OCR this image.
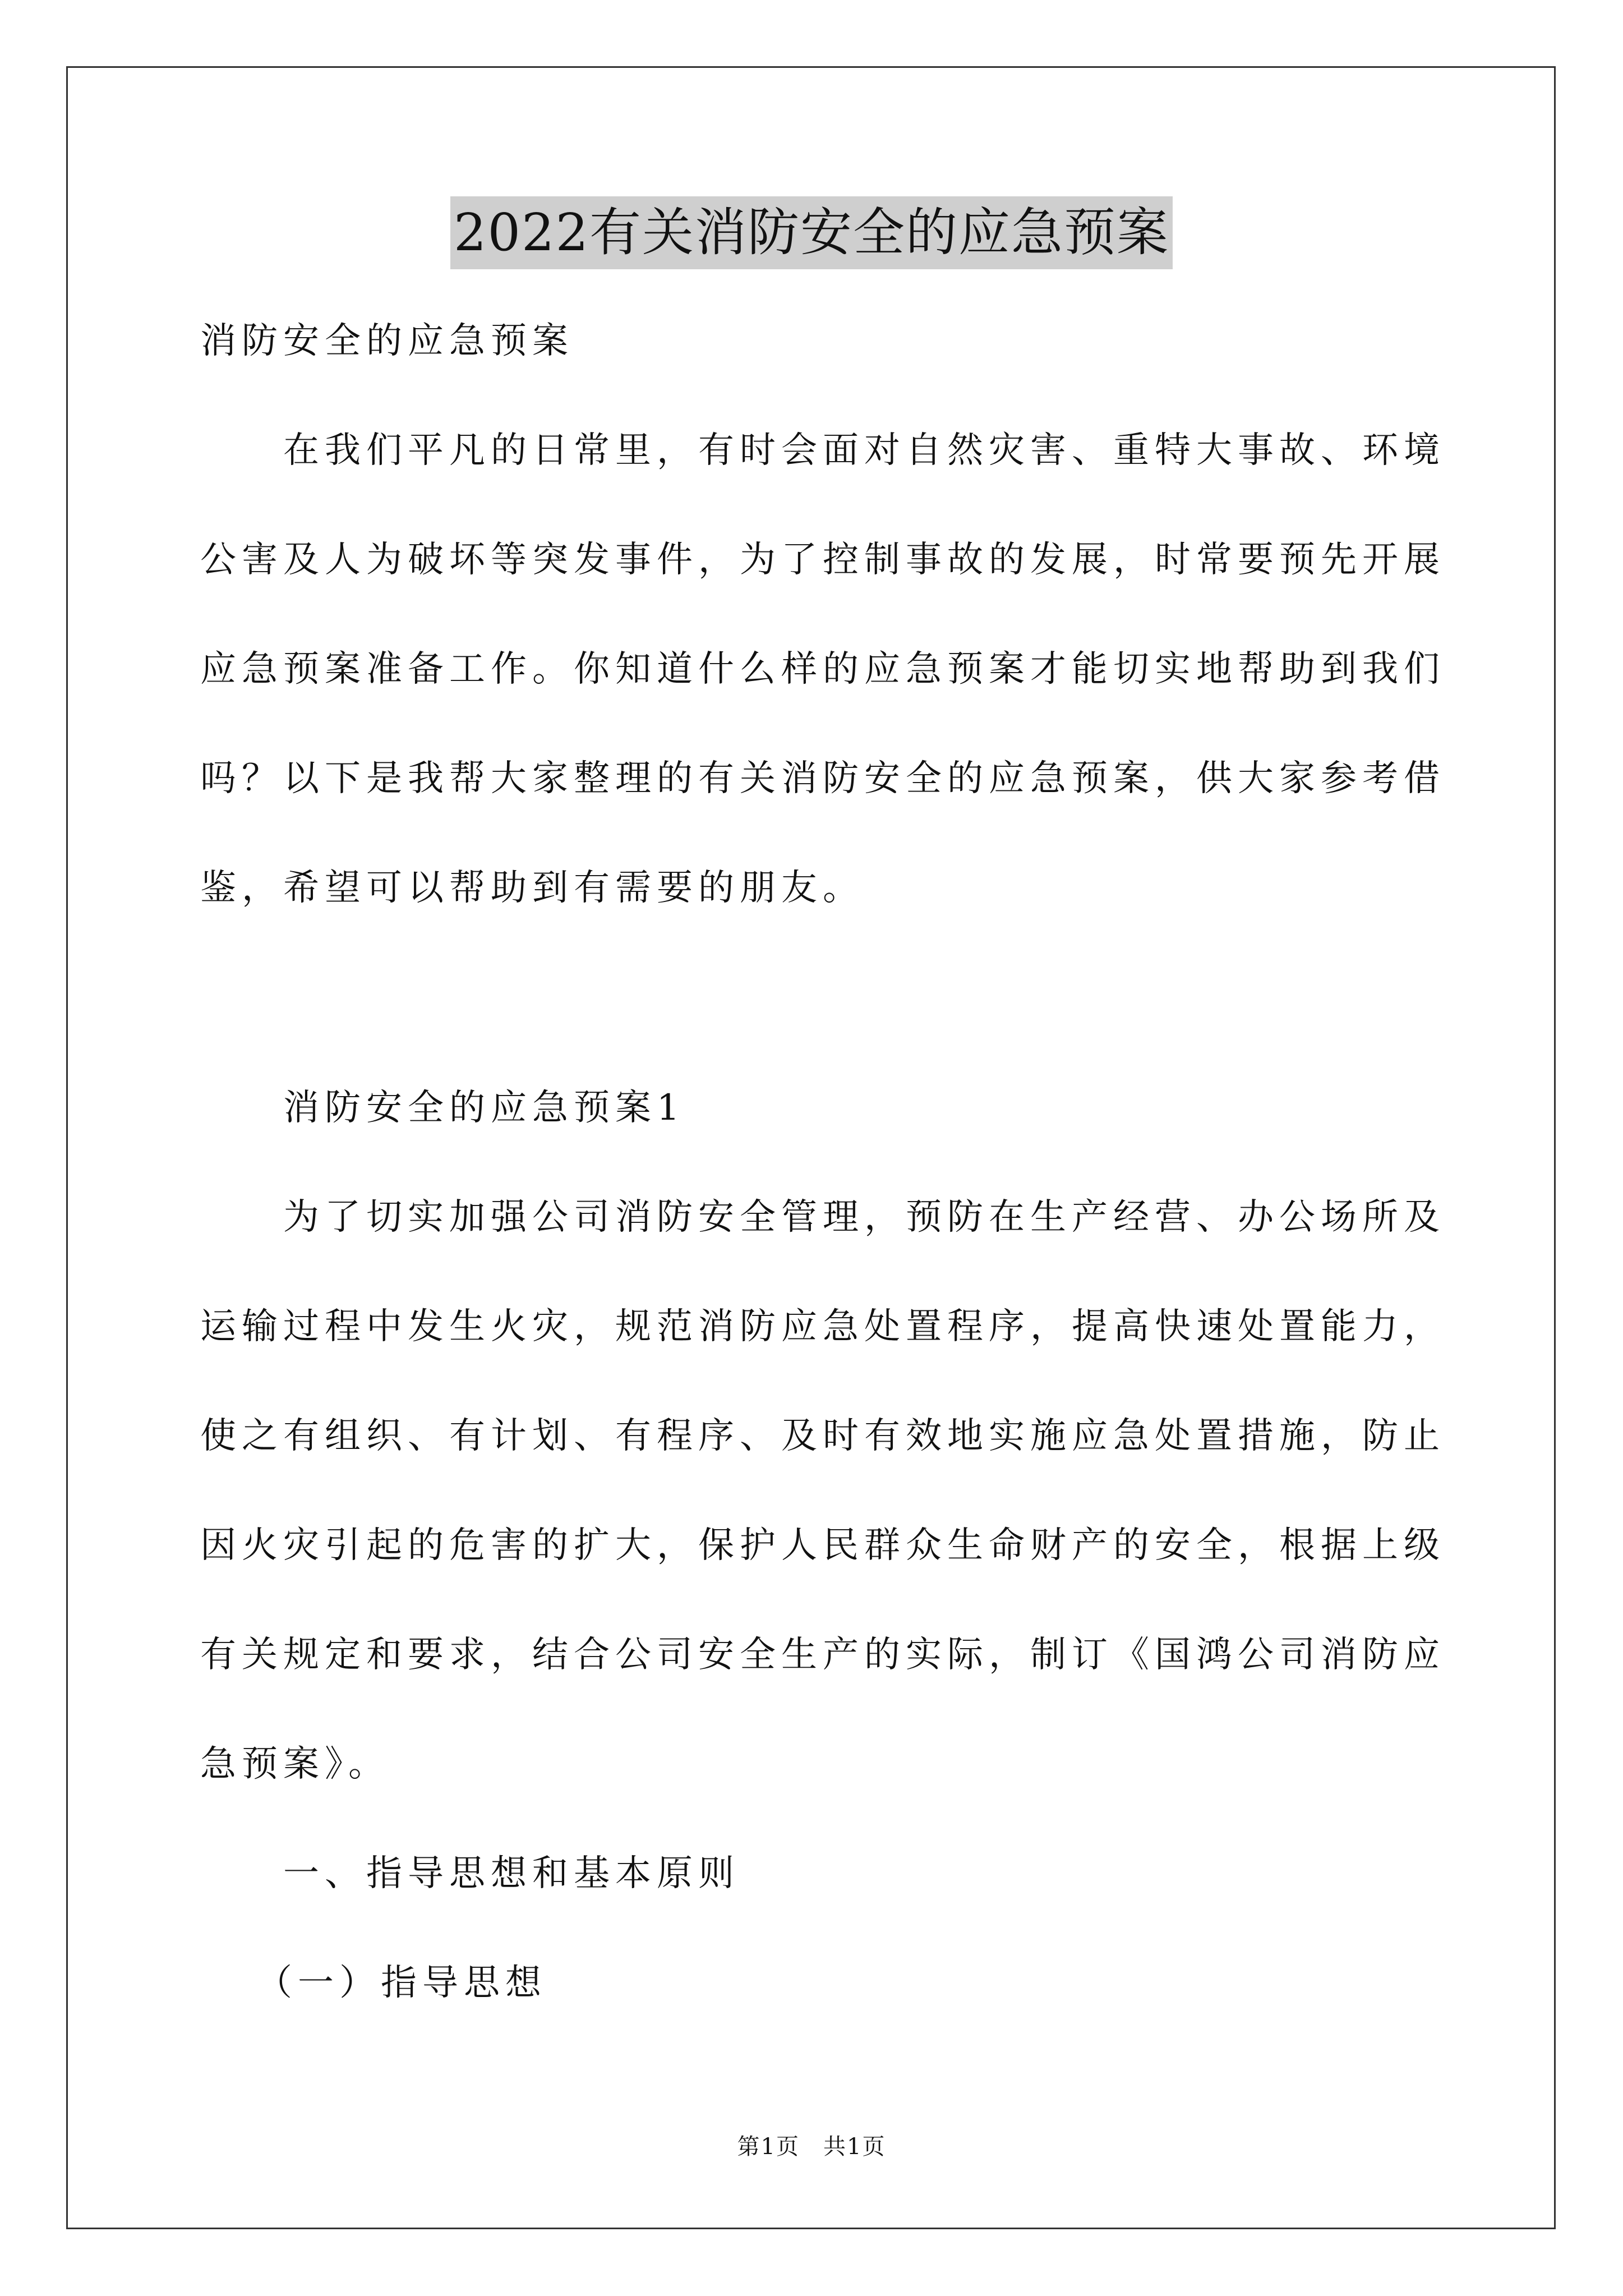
2022有关消防安全的应急预案
消防安全的应急预案
在我们平凡的日常里，有时会面对自然灾害、重特大事故、环境
公害及人为破坏等突发事件，为了控制事故的发展，时常要预先开展
应急预案准备工作。你知道什么样的应急预案才能切实地帮助到我们
吗？以下是我帮大家整理的有关消防安全的应急预案，供大家参考借
鉴，希望可以帮助到有需要的朋友。
消防安全的应急预案1
为了切实加强公司消防安全管理，预防在生产经营、办公场所及
运输过程中发生火灾，规范消防应急处置程序，提高快速处置能力，
使之有组织、有计划、有程序、及时有效地实施应急处置措施，防止
因火灾引起的危害的扩大，保护人民群众生命财产的安全，根据上级
有关规定和要求，结合公司安全生产的实际，制订《国鸿公司消防应
急预案》。
一、指导思想和基本原则
（一）指导思想
第1页　共1页
